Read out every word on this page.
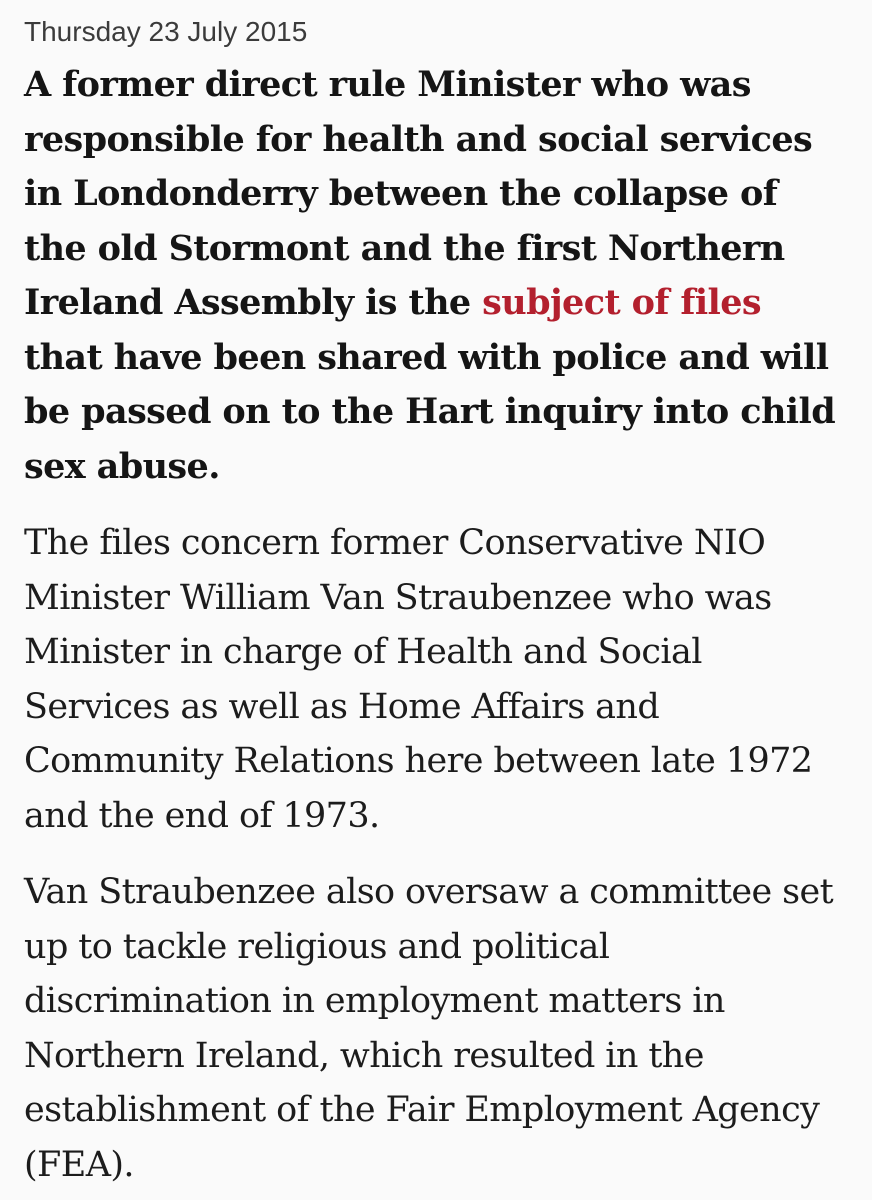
Thursday 23 July 2015

A former direct rule Minister who was responsible for health and social services in Londonderry between the collapse of the old Stormont and the first Northern Ireland Assembly is the subject of files that have been shared with police and will be passed on to the Hart inquiry into child sex abuse.

The files concern former Conservative NIO Minister William Van Straubenzee who was Minister in charge of Health and Social Services as well as Home Affairs and Community Relations here between late 1972 and the end of 1973.

Van Straubenzee also oversaw a committee set up to tackle religious and political discrimination in employment matters in Northern Ireland, which resulted in the establishment of the Fair Employment Agency (FEA).
